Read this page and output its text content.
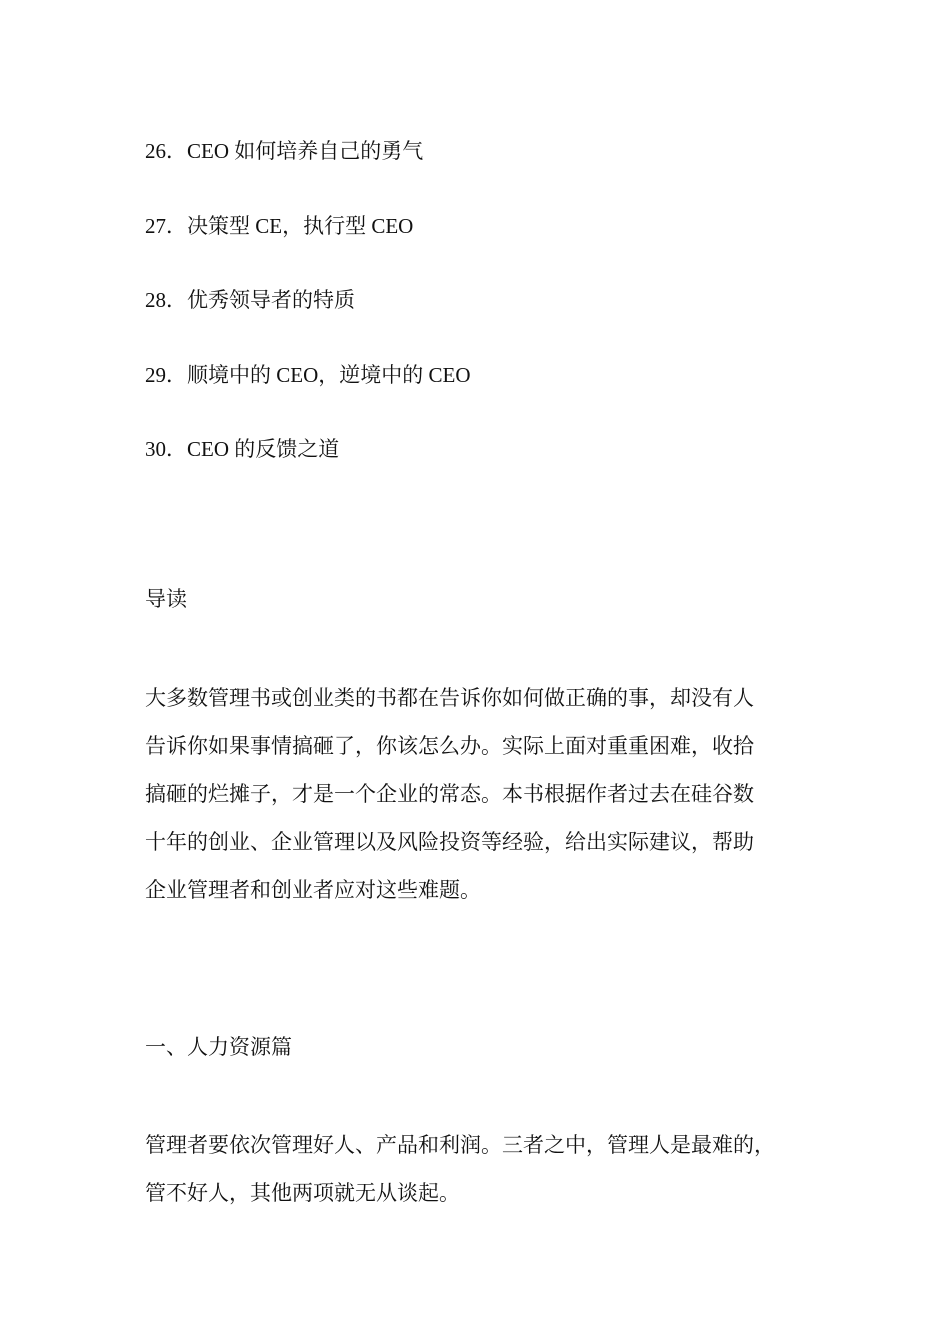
26．CEO 如何培养自己的勇气
27．决策型 CE，执行型 CEO
28．优秀领导者的特质
29．顺境中的 CEO，逆境中的 CEO
30．CEO 的反馈之道
导读
大多数管理书或创业类的书都在告诉你如何做正确的事，却没有人
告诉你如果事情搞砸了，你该怎么办。实际上面对重重困难，收拾
搞砸的烂摊子，才是一个企业的常态。本书根据作者过去在硅谷数
十年的创业、企业管理以及风险投资等经验，给出实际建议，帮助
企业管理者和创业者应对这些难题。
一、人力资源篇
管理者要依次管理好人、产品和利润。三者之中，管理人是最难的，
管不好人，其他两项就无从谈起。
